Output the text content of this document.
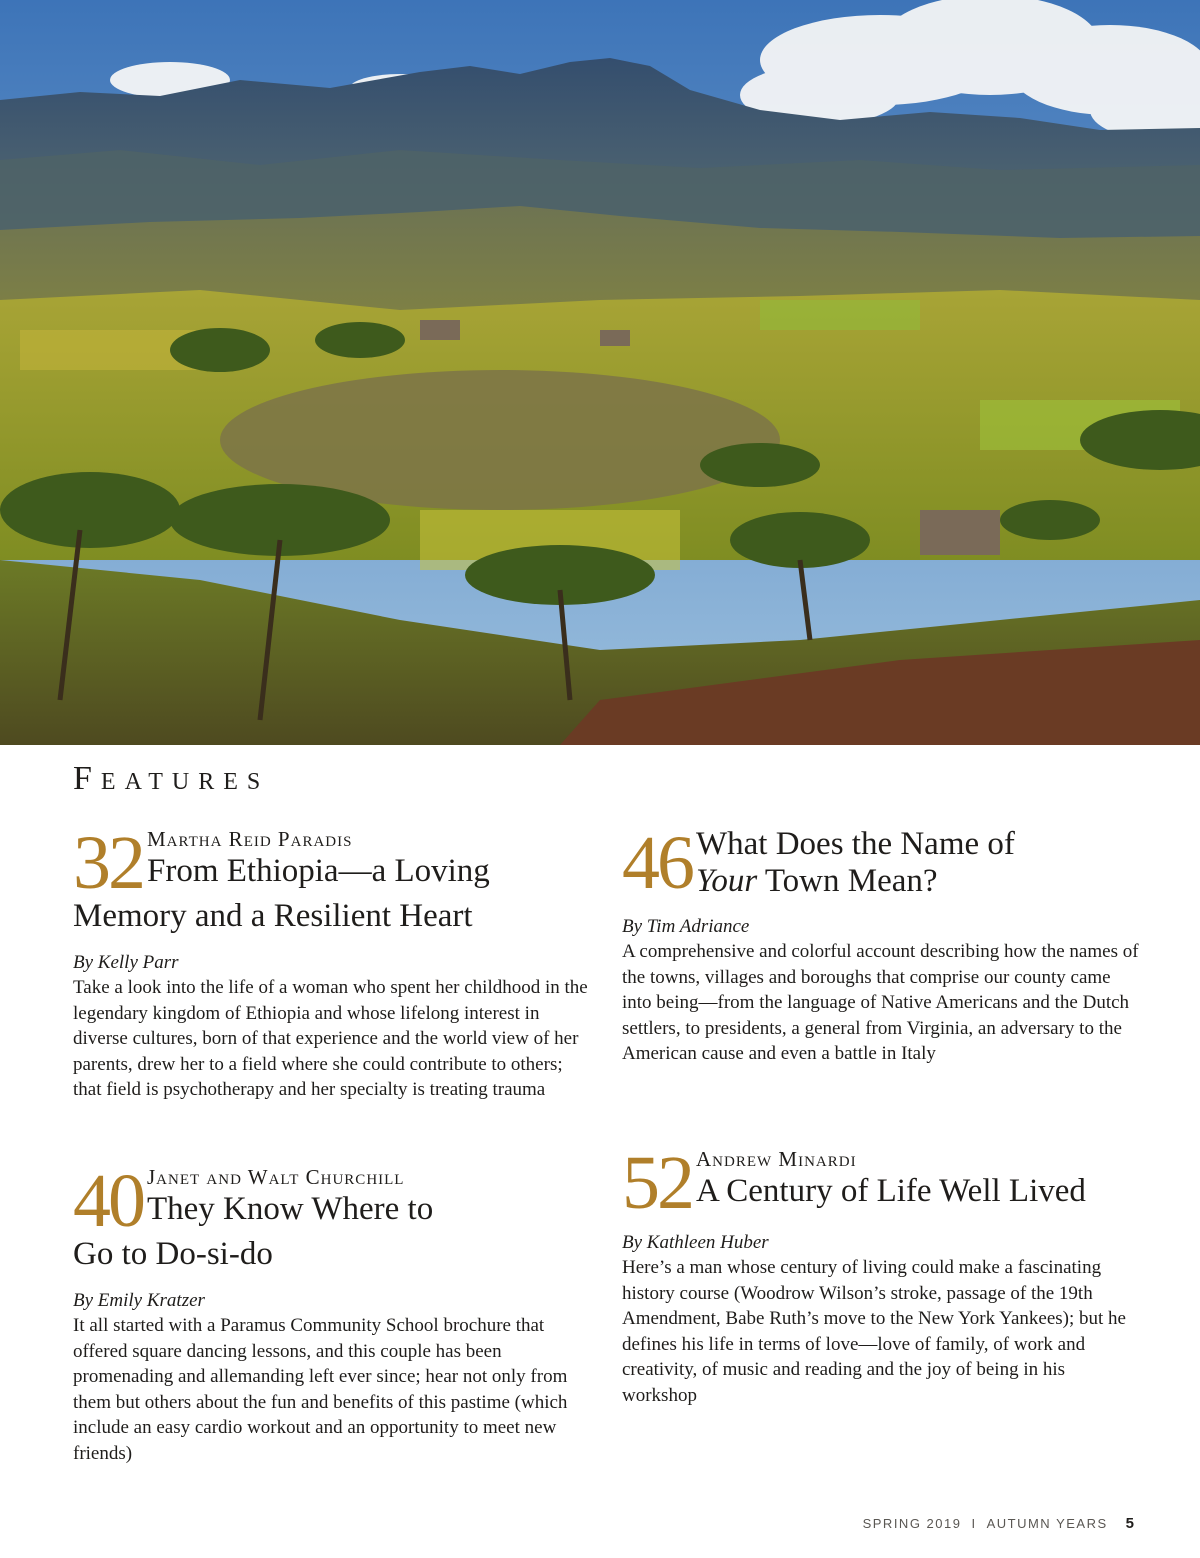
Features
32 Martha Reid Paradis
From Ethiopia—a Loving
Memory and a Resilient Heart
By Kelly Parr

Take a look into the life of a woman who spent her childhood in the legendary kingdom of Ethiopia and whose lifelong interest in diverse cultures, born of that experience and the world view of her parents, drew her to a field where she could contribute to others; that field is psychotherapy and her specialty is treating trauma

40 Janet and Walt Churchill
They Know Where to
Go to Do-si-do
By Emily Kratzer

It all started with a Paramus Community School brochure that offered square dancing lessons, and this couple has been promenading and allemanding left ever since; hear not only from them but others about the fun and benefits of this pastime (which include an easy cardio workout and an opportunity to meet new friends)

46 What Does the Name of
Your Town Mean?
By Tim Adriance

A comprehensive and colorful account describing how the names of the towns, villages and boroughs that comprise our county came into being—from the language of Native Americans and the Dutch settlers, to presidents, a general from Virginia, an adversary to the American cause and even a battle in Italy

52 Andrew Minardi
A Century of Life Well Lived
By Kathleen Huber

Here’s a man whose century of living could make a fascinating history course (Woodrow Wilson’s stroke, passage of the 19th Amendment, Babe Ruth’s move to the New York Yankees); but he defines his life in terms of love—love of family, of work and creativity, of music and reading and the joy of being in his workshop

SPRING 2019 I AUTUMN YEARS 5
